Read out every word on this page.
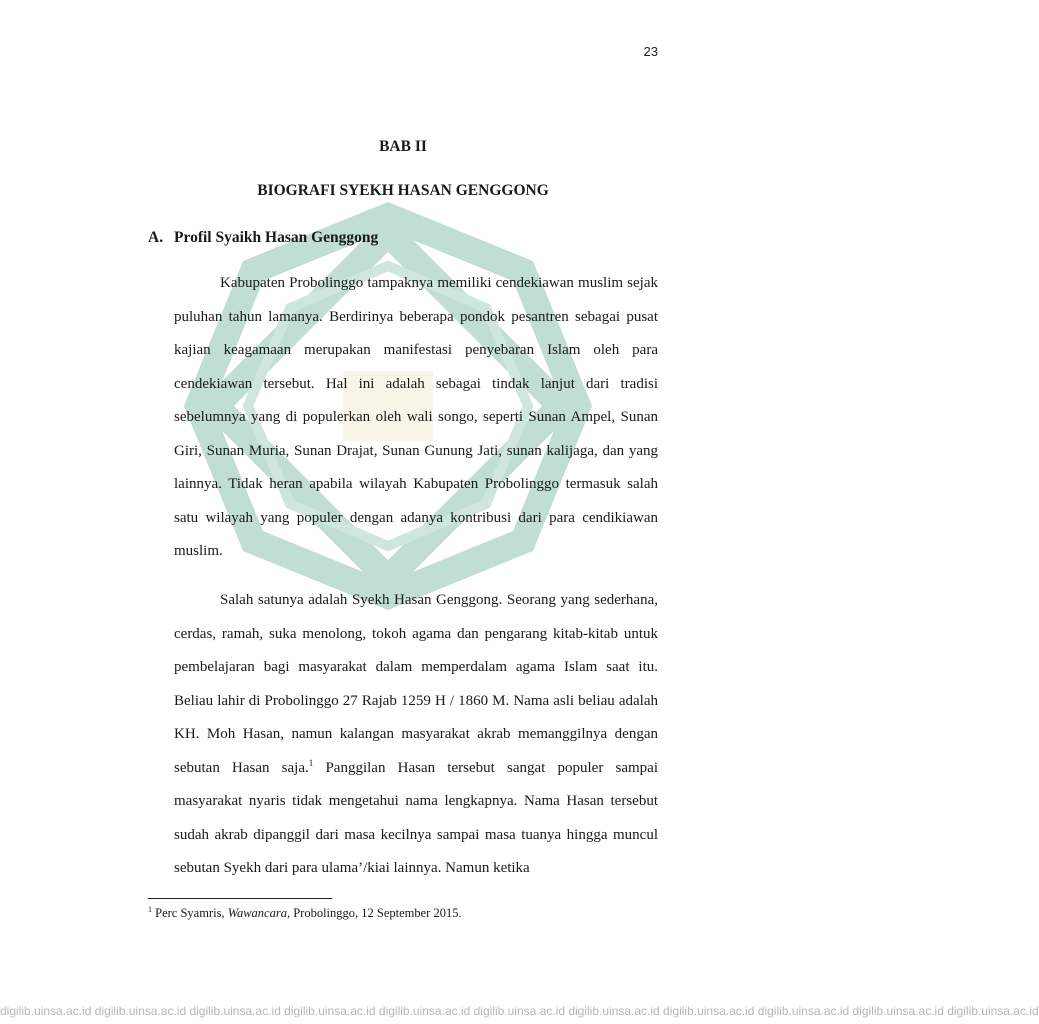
23
BAB II
BIOGRAFI SYEKH HASAN GENGGONG
A. Profil Syaikh Hasan Genggong

Kabupaten Probolinggo tampaknya memiliki cendekiawan muslim sejak puluhan tahun lamanya. Berdirinya beberapa pondok pesantren sebagai pusat kajian keagamaan merupakan manifestasi penyebaran Islam oleh para cendekiawan tersebut. Hal ini adalah sebagai tindak lanjut dari tradisi sebelumnya yang di populerkan oleh wali songo, seperti Sunan Ampel, Sunan Giri, Sunan Muria, Sunan Drajat, Sunan Gunung Jati, sunan kalijaga, dan yang lainnya. Tidak heran apabila wilayah Kabupaten Probolinggo termasuk salah satu wilayah yang populer dengan adanya kontribusi dari para cendikiawan muslim.

Salah satunya adalah Syekh Hasan Genggong. Seorang yang sederhana, cerdas, ramah, suka menolong, tokoh agama dan pengarang kitab-kitab untuk pembelajaran bagi masyarakat dalam memperdalam agama Islam saat itu. Beliau lahir di Probolinggo 27 Rajab 1259 H / 1860 M. Nama asli beliau adalah KH. Moh Hasan, namun kalangan masyarakat akrab memanggilnya dengan sebutan Hasan saja.$^1$ Panggilan Hasan tersebut sangat populer sampai masyarakat nyaris tidak mengetahui nama lengkapnya. Nama Hasan tersebut sudah akrab dipanggil dari masa kecilnya sampai masa tuanya hingga muncul sebutan Syekh dari para ulama’/kiai lainnya. Namun ketika

$^1$ Perc Syamris, Wawancara, Probolinggo, 12 September 2015.
digilib.uinsa.ac.id digilib.uinsa.ac.id digilib.uinsa.ac.id digilib.uinsa.ac.id digilib.uinsa.ac.id digilib.uinsa.ac.id digilib.uinsa.ac.id digilib.uinsa.ac.id digilib.uinsa.ac.id digilib.uinsa.ac.id digilib.uinsa.ac.id
